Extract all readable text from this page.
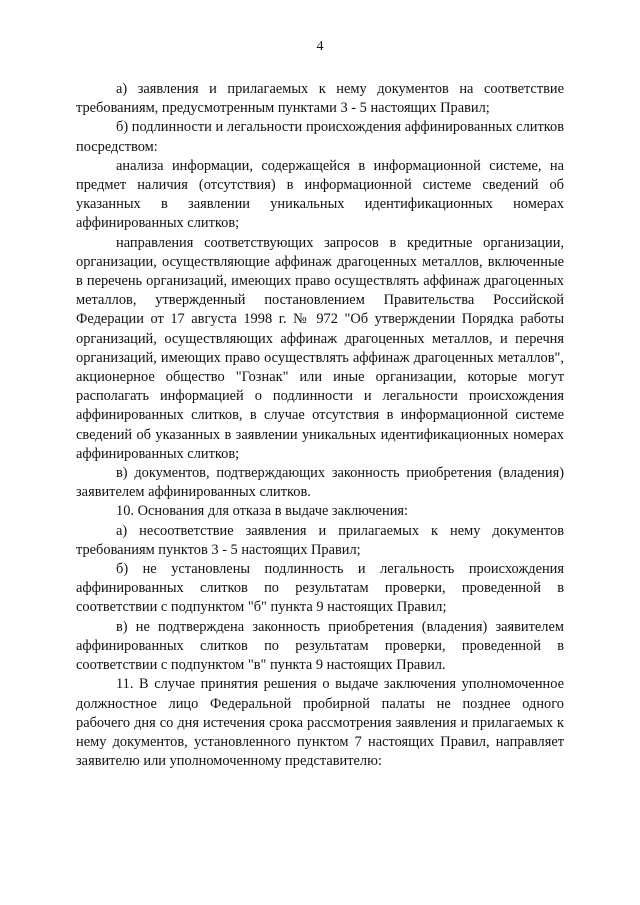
4

а) заявления и прилагаемых к нему документов на соответствие требованиям, предусмотренным пунктами 3 - 5 настоящих Правил;

б) подлинности и легальности происхождения аффинированных слитков посредством:

анализа информации, содержащейся в информационной системе, на предмет наличия (отсутствия) в информационной системе сведений об указанных в заявлении уникальных идентификационных номерах аффинированных слитков;

направления соответствующих запросов в кредитные организации, организации, осуществляющие аффинаж драгоценных металлов, включенные в перечень организаций, имеющих право осуществлять аффинаж драгоценных металлов, утвержденный постановлением Правительства Российской Федерации от 17 августа 1998 г. № 972 "Об утверждении Порядка работы организаций, осуществляющих аффинаж драгоценных металлов, и перечня организаций, имеющих право осуществлять аффинаж драгоценных металлов", акционерное общество "Гознак" или иные организации, которые могут располагать информацией о подлинности и легальности происхождения аффинированных слитков, в случае отсутствия в информационной системе сведений об указанных в заявлении уникальных идентификационных номерах аффинированных слитков;

в) документов, подтверждающих законность приобретения (владения) заявителем аффинированных слитков.

10. Основания для отказа в выдаче заключения:

а) несоответствие заявления и прилагаемых к нему документов требованиям пунктов 3 - 5 настоящих Правил;

б) не установлены подлинность и легальность происхождения аффинированных слитков по результатам проверки, проведенной в соответствии с подпунктом "б" пункта 9 настоящих Правил;

в) не подтверждена законность приобретения (владения) заявителем аффинированных слитков по результатам проверки, проведенной в соответствии с подпунктом "в" пункта 9 настоящих Правил.

11. В случае принятия решения о выдаче заключения уполномоченное должностное лицо Федеральной пробирной палаты не позднее одного рабочего дня со дня истечения срока рассмотрения заявления и прилагаемых к нему документов, установленного пунктом 7 настоящих Правил, направляет заявителю или уполномоченному представителю:
